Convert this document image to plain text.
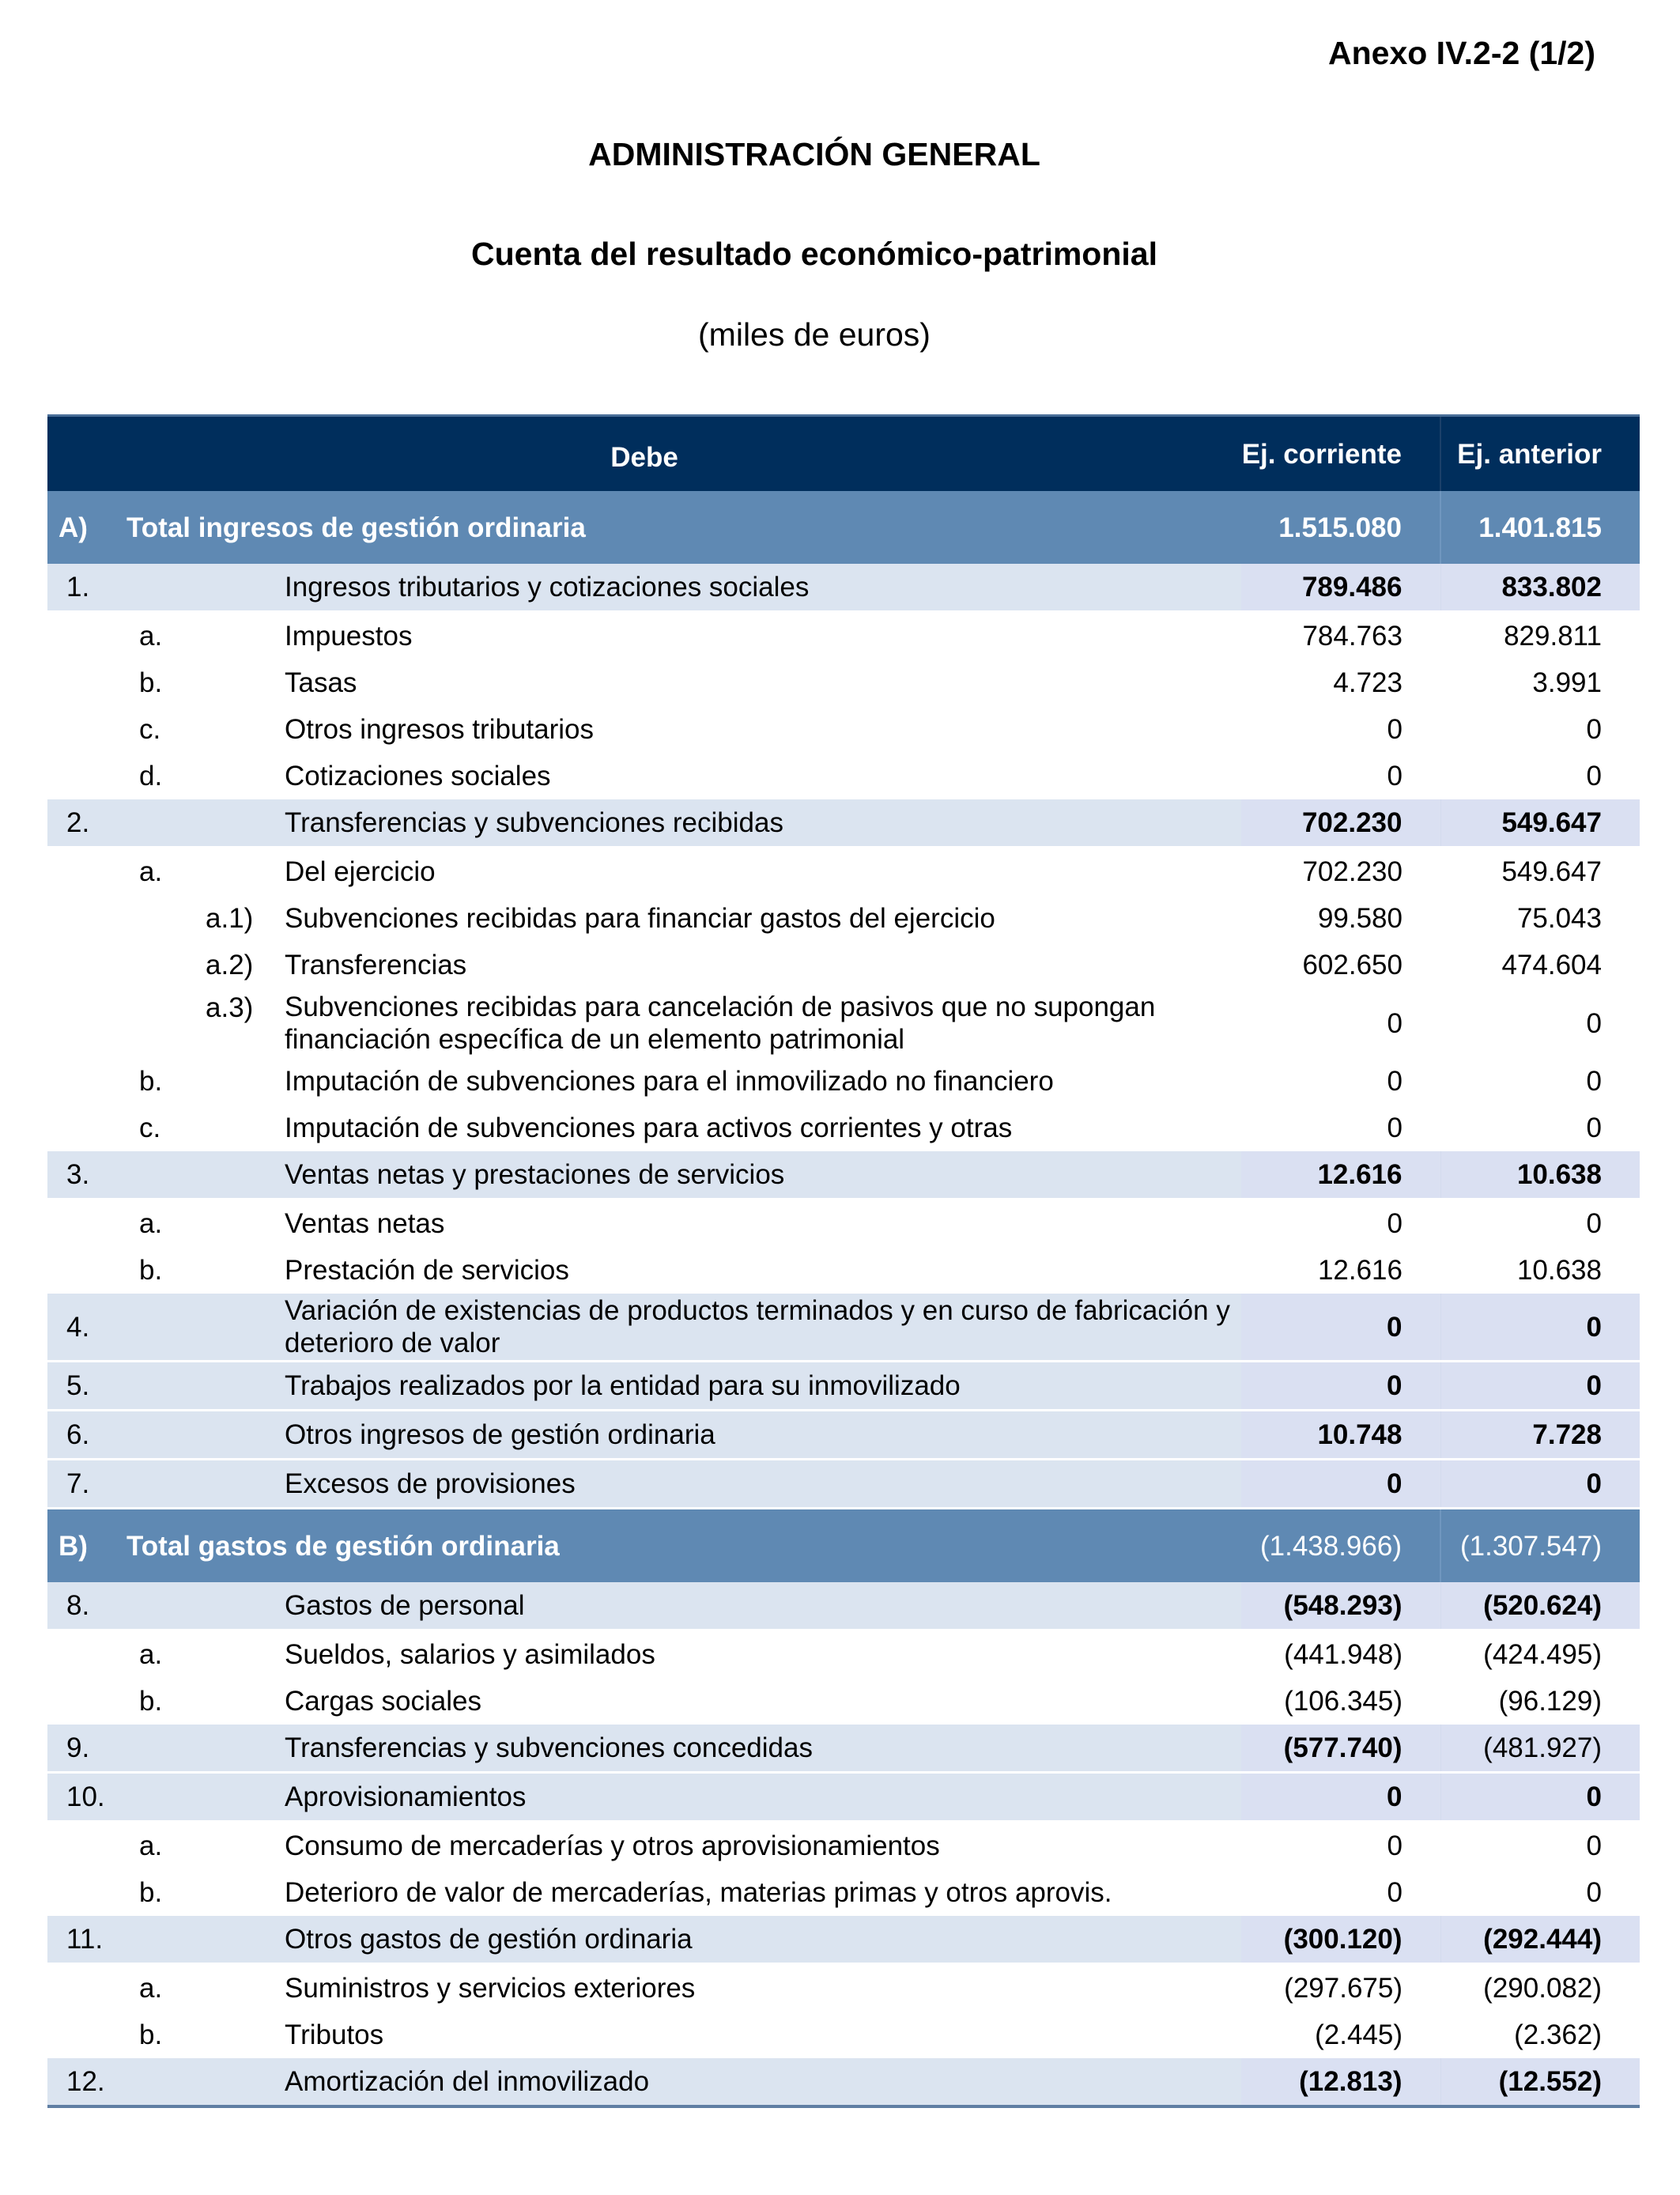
Anexo IV.2-2 (1/2)
ADMINISTRACIÓN GENERAL
Cuenta del resultado económico-patrimonial
(miles de euros)
Debe			Ej. corriente	Ej. anterior
A)	Total ingresos de gestión ordinaria		1.515.080	1.401.815
1.		Ingresos tributarios y cotizaciones sociales	789.486	833.802
a.		Impuestos	784.763	829.811
b.		Tasas	4.723	3.991
c.		Otros ingresos tributarios	0	0
d.		Cotizaciones sociales	0	0
2.		Transferencias y subvenciones recibidas	702.230	549.647
a.		Del ejercicio	702.230	549.647
a.1)		Subvenciones recibidas para financiar gastos del ejercicio	99.580	75.043
a.2)		Transferencias	602.650	474.604
a.3)		Subvenciones recibidas para cancelación de pasivos que no supongan financiación específica de un elemento patrimonial	0	0
b.		Imputación de subvenciones para el inmovilizado no financiero	0	0
c.		Imputación de subvenciones para activos corrientes y otras	0	0
3.		Ventas netas y prestaciones de servicios	12.616	10.638
a.		Ventas netas	0	0
b.		Prestación de servicios	12.616	10.638
4.		Variación de existencias de productos terminados y en curso de fabricación y deterioro de valor	0	0
5.		Trabajos realizados por la entidad para su inmovilizado	0	0
6.		Otros ingresos de gestión ordinaria	10.748	7.728
7.		Excesos de provisiones	0	0
B)	Total gastos de gestión ordinaria		(1.438.966)	(1.307.547)
8.		Gastos de personal	(548.293)	(520.624)
a.		Sueldos, salarios y asimilados	(441.948)	(424.495)
b.		Cargas sociales	(106.345)	(96.129)
9.		Transferencias y subvenciones concedidas	(577.740)	(481.927)
10.		Aprovisionamientos	0	0
a.		Consumo de mercaderías y otros aprovisionamientos	0	0
b.		Deterioro de valor de mercaderías, materias primas y otros aprovis.	0	0
11.		Otros gastos de gestión ordinaria	(300.120)	(292.444)
a.		Suministros y servicios exteriores	(297.675)	(290.082)
b.		Tributos	(2.445)	(2.362)
12.		Amortización del inmovilizado	(12.813)	(12.552)
